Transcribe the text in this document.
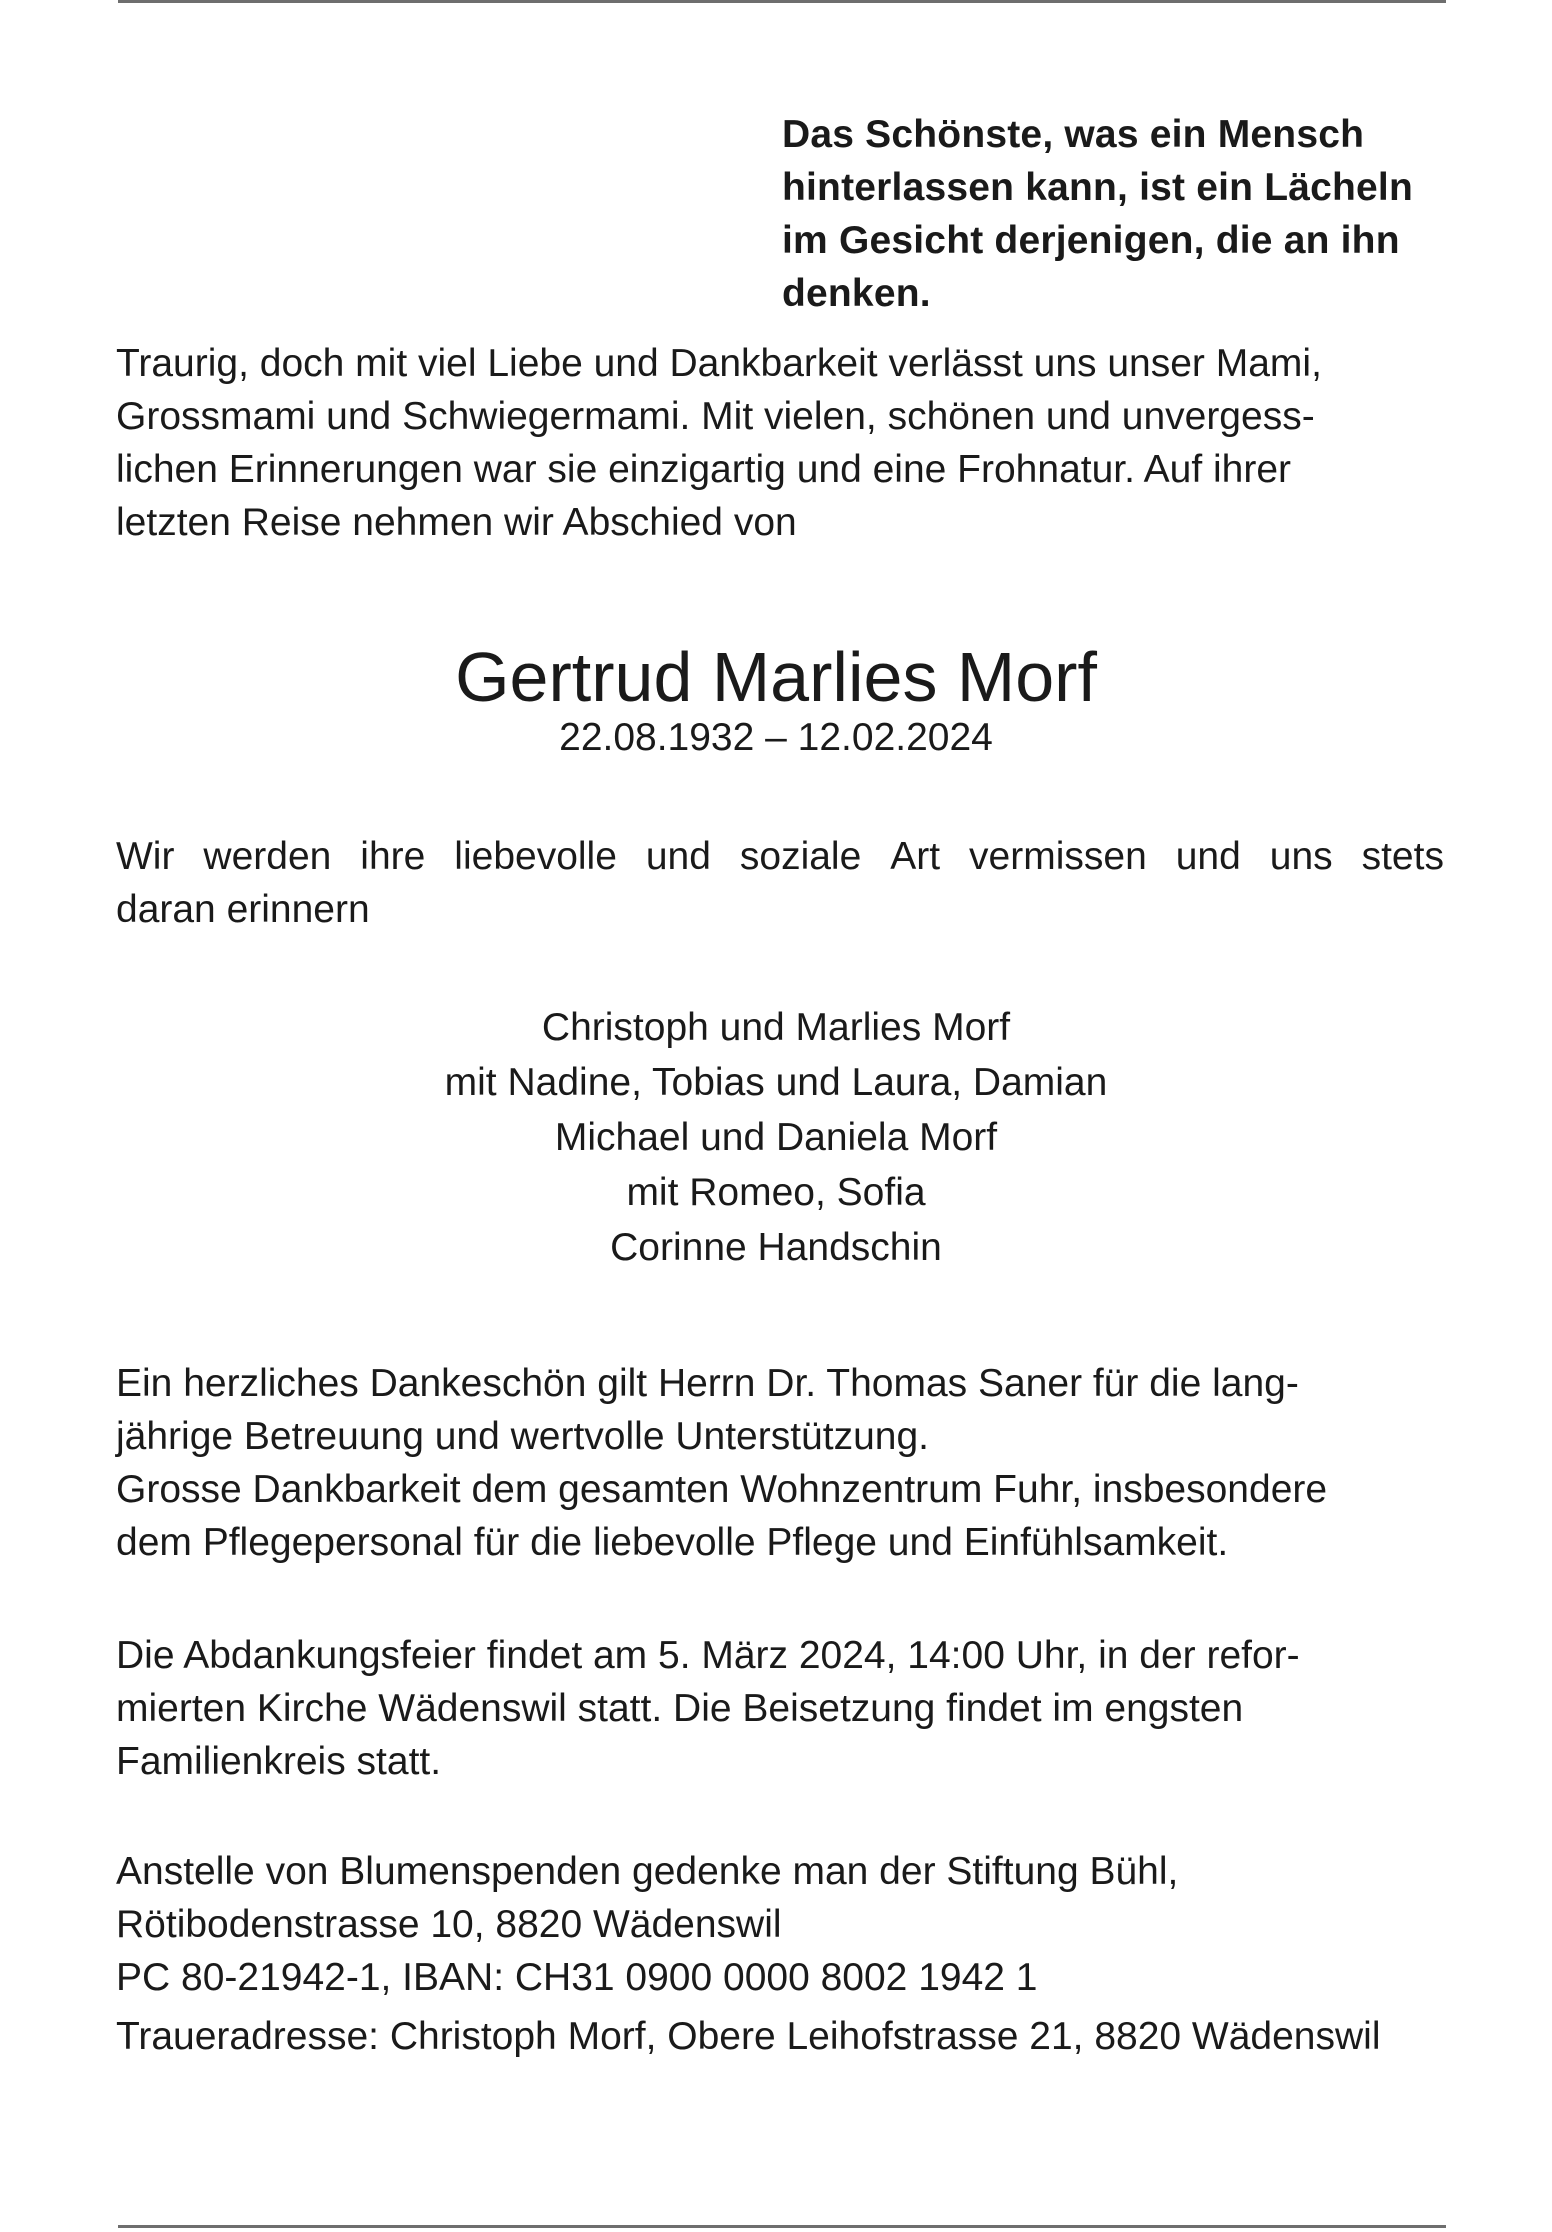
Das Schönste, was ein Mensch
hinterlassen kann, ist ein Lächeln
im Gesicht derjenigen, die an ihn
denken.

Traurig, doch mit viel Liebe und Dankbarkeit verlässt uns unser Mami,
Grossmami und Schwiegermami. Mit vielen, schönen und unvergess-
lichen Erinnerungen war sie einzigartig und eine Frohnatur. Auf ihrer
letzten Reise nehmen wir Abschied von

Gertrud Marlies Morf
22.08.1932 – 12.02.2024

Wir werden ihre liebevolle und soziale Art vermissen und uns stets
daran erinnern

Christoph und Marlies Morf
mit Nadine, Tobias und Laura, Damian
Michael und Daniela Morf
mit Romeo, Sofia
Corinne Handschin

Ein herzliches Dankeschön gilt Herrn Dr. Thomas Saner für die lang-
jährige Betreuung und wertvolle Unterstützung.
Grosse Dankbarkeit dem gesamten Wohnzentrum Fuhr, insbesondere
dem Pflegepersonal für die liebevolle Pflege und Einfühlsamkeit.

Die Abdankungsfeier findet am 5. März 2024, 14:00 Uhr, in der refor-
mierten Kirche Wädenswil statt. Die Beisetzung findet im engsten
Familienkreis statt.

Anstelle von Blumenspenden gedenke man der Stiftung Bühl,
Rötibodenstrasse 10, 8820 Wädenswil
PC 80-21942-1, IBAN: CH31 0900 0000 8002 1942 1

Traueradresse: Christoph Morf, Obere Leihofstrasse 21, 8820 Wädenswil
